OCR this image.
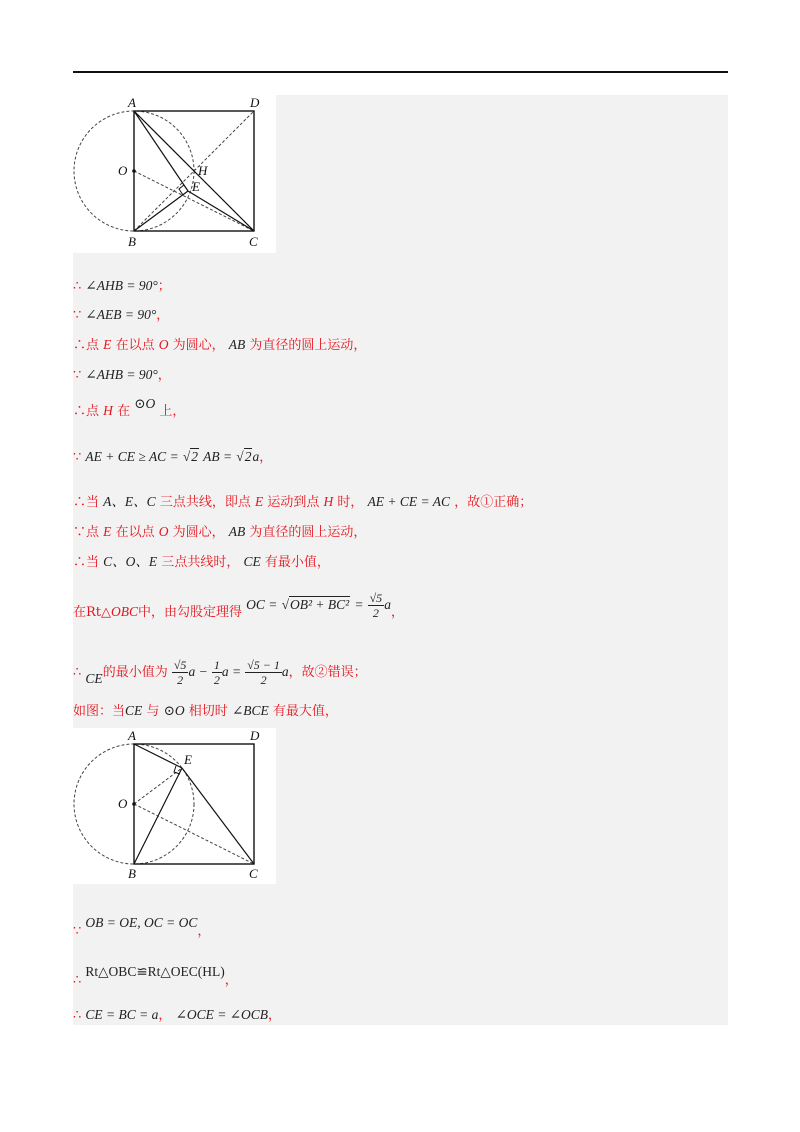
A	D
O	H
E
B	C
∴ ∠AHB = 90°；
∵ ∠AEB = 90°，
∴点 E 在以点 O 为圆心， AB 为直径的圆上运动，
∵ ∠AHB = 90°，
∴点 H 在 ⊙O 上，
∵ AE + CE ≥ AC = √2 AB = √2a，
∴当 A、E、C 三点共线，即点 E 运动到点 H 时， AE + CE = AC ，故①正确；
∵点 E 在以点 O 为圆心， AB 为直径的圆上运动，
∴当 C、O、E 三点共线时， CE 有最小值，
在Rt△OBC中，由勾股定理得 OC = $√OB^2 + BC^2 = \frac{√5}{2}$ a，
∴ CE的最小值为 $\frac{√5}{2}$ $a - \frac{1}{2}$ $a = \frac{√5 - 1}{2}$ a，故②错误；
如图：当CE 与 ⊙O 相切时 ∠BCE 有最大值，
A	D
O
E
B	C
∵ OB = OE, OC = OC，
∴ Rt△OBC≌Rt△OEC(HL)，
∴ CE = BC = a， ∠OCE = ∠OCB，
